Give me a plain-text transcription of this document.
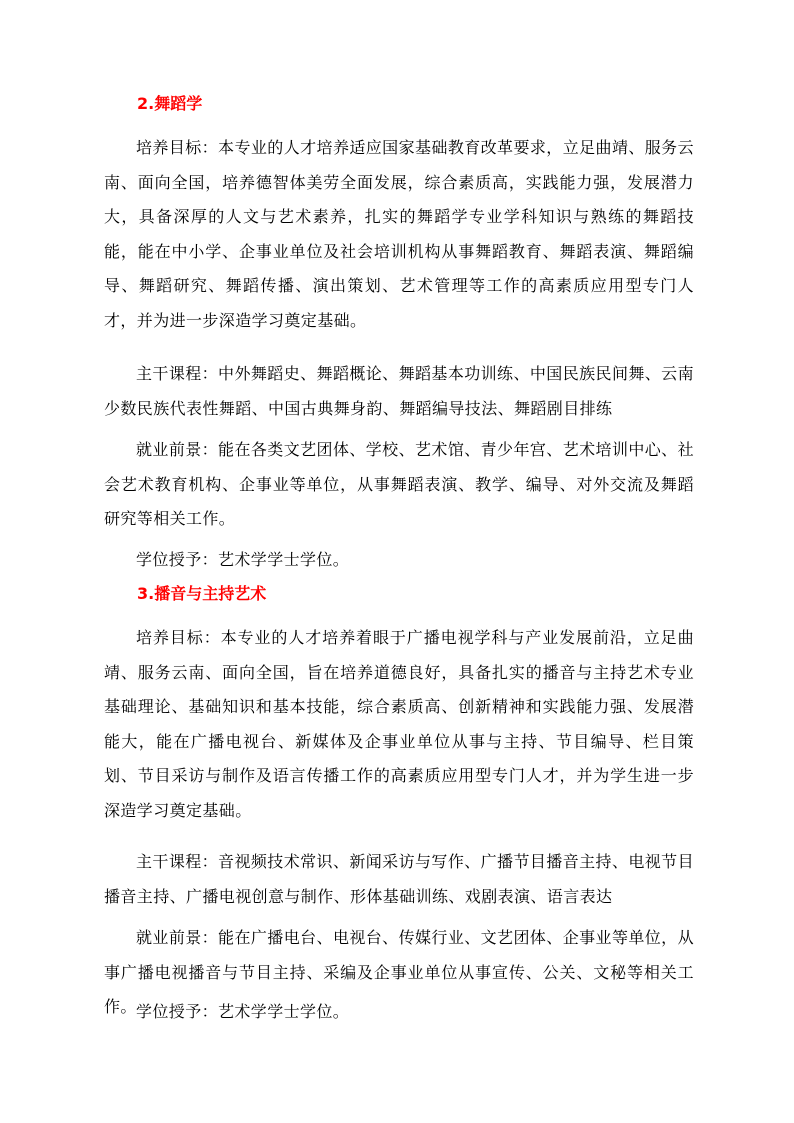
2.舞蹈学

培养目标：本专业的人才培养适应国家基础教育改革要求，立足曲靖、服务云南、面向全国，培养德智体美劳全面发展，综合素质高，实践能力强，发展潜力大，具备深厚的人文与艺术素养，扎实的舞蹈学专业学科知识与熟练的舞蹈技能，能在中小学、企事业单位及社会培训机构从事舞蹈教育、舞蹈表演、舞蹈编导、舞蹈研究、舞蹈传播、演出策划、艺术管理等工作的高素质应用型专门人才，并为进一步深造学习奠定基础。

主干课程：中外舞蹈史、舞蹈概论、舞蹈基本功训练、中国民族民间舞、云南少数民族代表性舞蹈、中国古典舞身韵、舞蹈编导技法、舞蹈剧目排练

就业前景：能在各类文艺团体、学校、艺术馆、青少年宫、艺术培训中心、社会艺术教育机构、企事业等单位，从事舞蹈表演、教学、编导、对外交流及舞蹈研究等相关工作。

学位授予：艺术学学士学位。

3.播音与主持艺术

培养目标：本专业的人才培养着眼于广播电视学科与产业发展前沿，立足曲靖、服务云南、面向全国，旨在培养道德良好，具备扎实的播音与主持艺术专业基础理论、基础知识和基本技能，综合素质高、创新精神和实践能力强、发展潜能大，能在广播电视台、新媒体及企事业单位从事与主持、节目编导、栏目策划、节目采访与制作及语言传播工作的高素质应用型专门人才，并为学生进一步深造学习奠定基础。

主干课程：音视频技术常识、新闻采访与写作、广播节目播音主持、电视节目播音主持、广播电视创意与制作、形体基础训练、戏剧表演、语言表达

就业前景：能在广播电台、电视台、传媒行业、文艺团体、企事业等单位，从事广播电视播音与节目主持、采编及企事业单位从事宣传、公关、文秘等相关工作。 学位授予：艺术学学士学位。
